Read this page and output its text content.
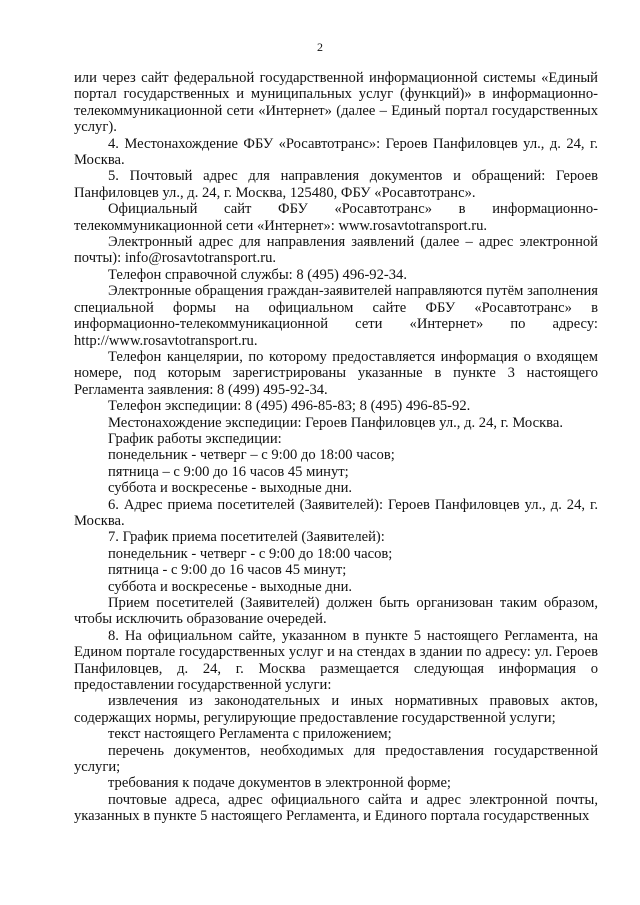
2

или через сайт федеральной государственной информационной системы «Единый портал государственных и муниципальных услуг (функций)» в информационно-телекоммуникационной сети «Интернет» (далее – Единый портал государственных услуг).

4. Местонахождение ФБУ «Росавтотранс»: Героев Панфиловцев ул., д. 24, г. Москва.

5. Почтовый адрес для направления документов и обращений: Героев Панфиловцев ул., д. 24, г. Москва, 125480, ФБУ «Росавтотранс».

Официальный сайт ФБУ «Росавтотранс» в информационно-телекоммуникационной сети «Интернет»: www.rosavtotransport.ru.

Электронный адрес для направления заявлений (далее – адрес электронной почты): info@rosavtotransport.ru.

Телефон справочной службы: 8 (495) 496-92-34.

Электронные обращения граждан-заявителей направляются путём заполнения специальной формы на официальном сайте ФБУ «Росавтотранс» в информационно-телекоммуникационной сети «Интернет» по адресу: http://www.rosavtotransport.ru.

Телефон канцелярии, по которому предоставляется информация о входящем номере, под которым зарегистрированы указанные в пункте 3 настоящего Регламента заявления: 8 (499) 495-92-34.

Телефон экспедиции: 8 (495) 496-85-83; 8 (495) 496-85-92.

Местонахождение экспедиции: Героев Панфиловцев ул., д. 24, г. Москва.

График работы экспедиции:

понедельник - четверг – с 9:00 до 18:00 часов;

пятница – с 9:00 до 16 часов 45 минут;

суббота и воскресенье - выходные дни.

6. Адрес приема посетителей (Заявителей): Героев Панфиловцев ул., д. 24, г. Москва.

7. График приема посетителей (Заявителей):

понедельник - четверг - с 9:00 до 18:00 часов;

пятница - с 9:00 до 16 часов 45 минут;

суббота и воскресенье - выходные дни.

Прием посетителей (Заявителей) должен быть организован таким образом, чтобы исключить образование очередей.

8. На официальном сайте, указанном в пункте 5 настоящего Регламента, на Едином портале государственных услуг и на стендах в здании по адресу: ул. Героев Панфиловцев, д. 24, г. Москва размещается следующая информация о предоставлении государственной услуги:

извлечения из законодательных и иных нормативных правовых актов, содержащих нормы, регулирующие предоставление государственной услуги;

текст настоящего Регламента с приложением;

перечень документов, необходимых для предоставления государственной услуги;

требования к подаче документов в электронной форме;

почтовые адреса, адрес официального сайта и адрес электронной почты, указанных в пункте 5 настоящего Регламента, и Единого портала государственных
